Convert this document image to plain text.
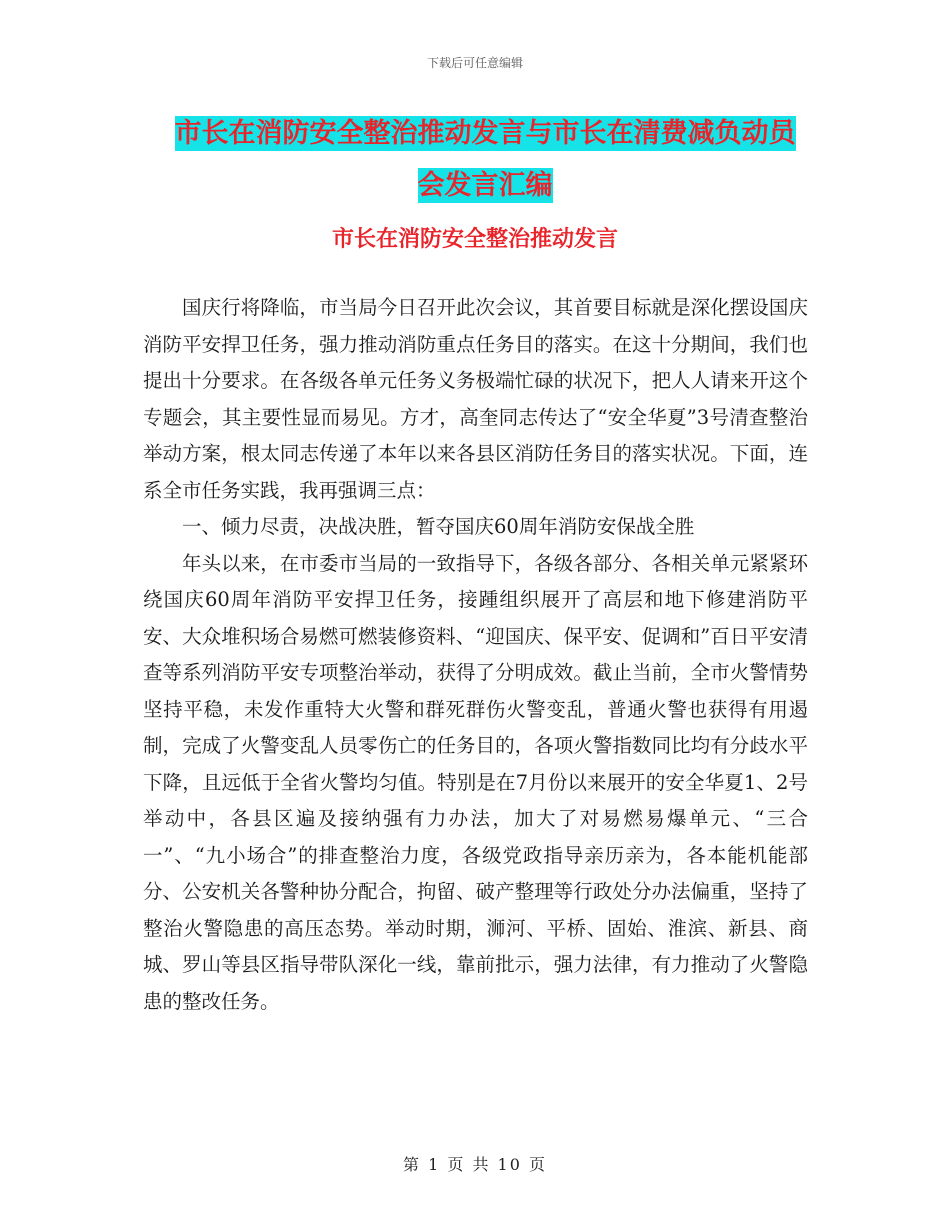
下载后可任意编辑
市长在消防安全整治推动发言与市长在清费减负动员
会发言汇编
市长在消防安全整治推动发言

国庆行将降临，市当局今日召开此次会议，其首要目标就是深化摆设国庆消防平安捍卫任务，强力推动消防重点任务目的落实。在这十分期间，我们也提出十分要求。在各级各单元任务义务极端忙碌的状况下，把人人请来开这个专题会，其主要性显而易见。方才，高奎同志传达了“安全华夏”3号清查整治举动方案，根太同志传递了本年以来各县区消防任务目的落实状况。下面，连系全市任务实践，我再强调三点：

一、倾力尽责，决战决胜，暂夺国庆60周年消防安保战全胜

年头以来，在市委市当局的一致指导下，各级各部分、各相关单元紧紧环绕国庆60周年消防平安捍卫任务，接踵组织展开了高层和地下修建消防平安、大众堆积场合易燃可燃装修资料、“迎国庆、保平安、促调和”百日平安清查等系列消防平安专项整治举动，获得了分明成效。截止当前，全市火警情势坚持平稳，未发作重特大火警和群死群伤火警变乱，普通火警也获得有用遏制，完成了火警变乱人员零伤亡的任务目的，各项火警指数同比均有分歧水平下降，且远低于全省火警均匀值。特别是在7月份以来展开的安全华夏1、2号举动中，各县区遍及接纳强有力办法，加大了对易燃易爆单元、“三合一”、“九小场合”的排查整治力度，各级党政指导亲历亲为，各本能机能部分、公安机关各警种协分配合，拘留、破产整理等行政处分办法偏重，坚持了整治火警隐患的高压态势。举动时期，浉河、平桥、固始、淮滨、新县、商城、罗山等县区指导带队深化一线，靠前批示，强力法律，有力推动了火警隐患的整改任务。

第 1 页 共 10 页
